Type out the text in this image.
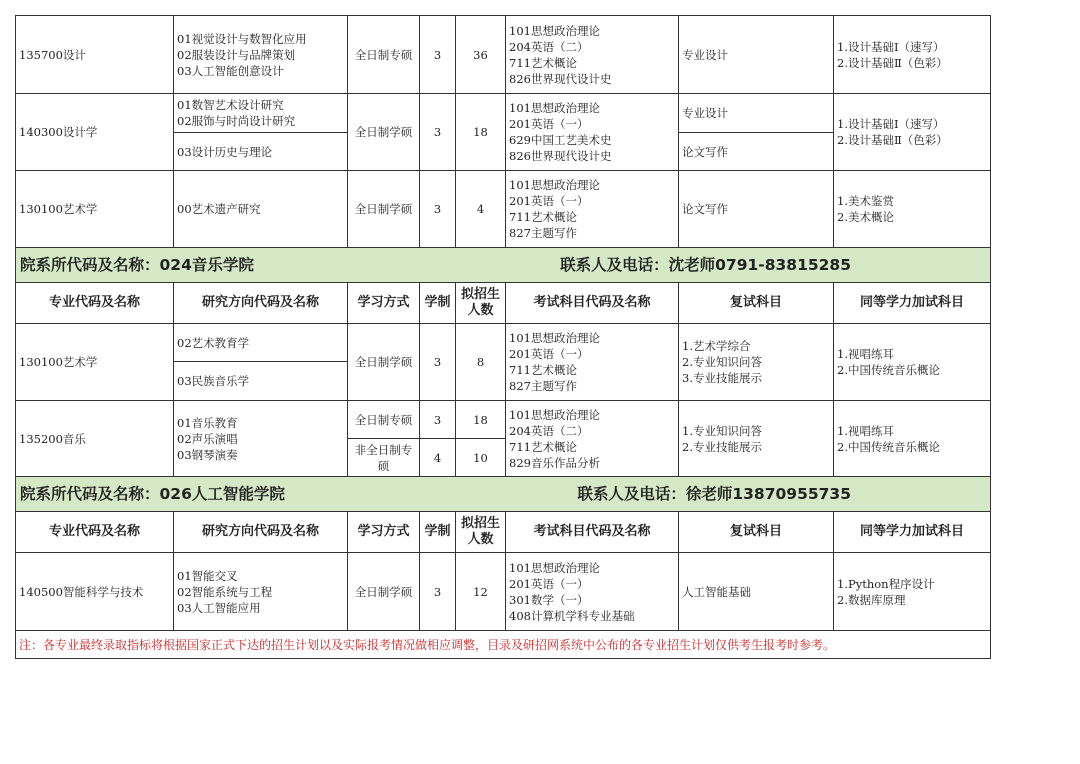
135700设计	01视觉设计与数智化应用
02服装设计与品牌策划
03人工智能创意设计	全日制专硕	3	36	101思想政治理论
204英语（二）
711艺术概论
826世界现代设计史	专业设计	1.设计基础Ⅰ（速写）
2.设计基础Ⅱ（色彩）

140300设计学	01数智艺术设计研究
02服饰与时尚设计研究	全日制学硕	3	18	101思想政治理论
201英语（一）
629中国工艺美术史
826世界现代设计史	专业设计	1.设计基础Ⅰ（速写）
2.设计基础Ⅱ（色彩）

	03设计历史与理论					论文写作	
130100艺术学	00艺术遗产研究	全日制学硕	3	4	101思想政治理论
201英语（一）
711艺术概论
827主题写作	论文写作	1.美术鉴赏
2.美术概论

院系所代码及名称：024音乐学院 联系人及电话：沈老师0791-83815285							

专业代码及名称	研究方向代码及名称	学习方式	学制	拟招生
人数	考试科目代码及名称	复试科目	同等学力加试科目
130100艺术学	02艺术教育学	全日制学硕	3	8	101思想政治理论
201英语（一）
711艺术概论
827主题写作	1.艺术学综合
2.专业知识问答
3.专业技能展示	1.视唱练耳
2.中国传统音乐概论

	03民族音乐学						
135200音乐	01音乐教育
02声乐演唱
03钢琴演奏	全日制专硕	3	18	101思想政治理论
204英语（二）
711艺术概论
829音乐作品分析	1.专业知识问答
2.专业技能展示	1.视唱练耳
2.中国传统音乐概论

		非全日制专
硕	4	10			

院系所代码及名称：026人工智能学院 联系人及电话：徐老师13870955735							

专业代码及名称	研究方向代码及名称	学习方式	学制	拟招生
人数	考试科目代码及名称	复试科目	同等学力加试科目
140500智能科学与技术	01智能交叉
02智能系统与工程
03人工智能应用	全日制学硕	3	12	101思想政治理论
201英语（一）
301数学（一）
408计算机学科专业基础	人工智能基础	1.Python程序设计
2.数据库原理

注：各专业最终录取指标将根据国家正式下达的招生计划以及实际报考情况做相应调整，目录及研招网系统中公布的各专业招生计划仅供考生报考时参考。							
